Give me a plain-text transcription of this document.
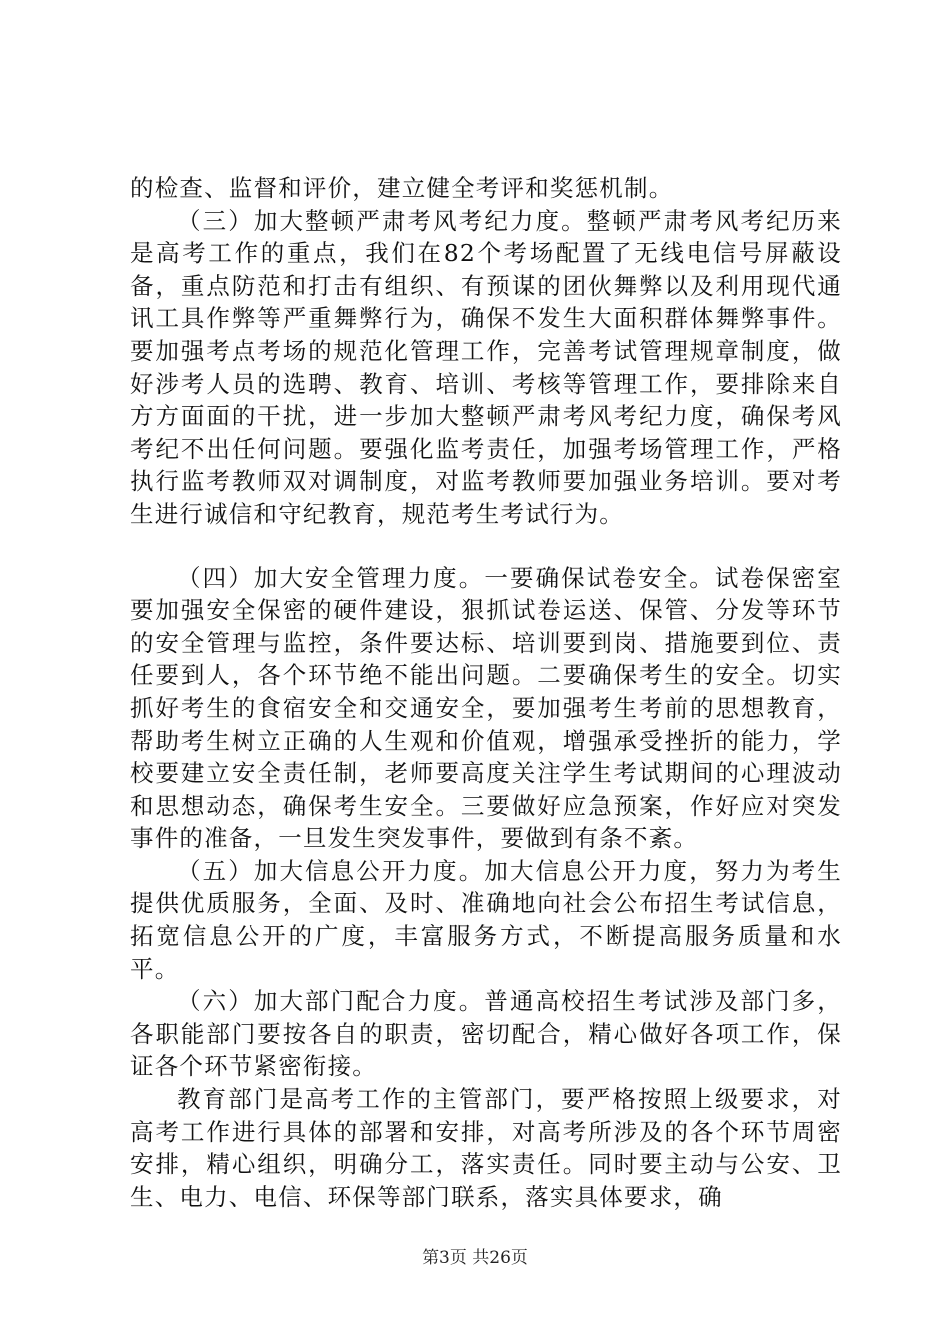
的检查、监督和评价，建立健全考评和奖惩机制。

（三）加大整顿严肃考风考纪力度。整顿严肃考风考纪历来是高考工作的重点，我们在82个考场配置了无线电信号屏蔽设备，重点防范和打击有组织、有预谋的团伙舞弊以及利用现代通讯工具作弊等严重舞弊行为，确保不发生大面积群体舞弊事件。要加强考点考场的规范化管理工作，完善考试管理规章制度，做好涉考人员的选聘、教育、培训、考核等管理工作，要排除来自方方面面的干扰，进一步加大整顿严肃考风考纪力度，确保考风考纪不出任何问题。要强化监考责任，加强考场管理工作，严格执行监考教师双对调制度，对监考教师要加强业务培训。要对考生进行诚信和守纪教育，规范考生考试行为。

（四）加大安全管理力度。一要确保试卷安全。试卷保密室要加强安全保密的硬件建设，狠抓试卷运送、保管、分发等环节的安全管理与监控，条件要达标、培训要到岗、措施要到位、责任要到人，各个环节绝不能出问题。二要确保考生的安全。切实抓好考生的食宿安全和交通安全，要加强考生考前的思想教育，帮助考生树立正确的人生观和价值观，增强承受挫折的能力，学校要建立安全责任制，老师要高度关注学生考试期间的心理波动和思想动态，确保考生安全。三要做好应急预案，作好应对突发事件的准备，一旦发生突发事件，要做到有条不紊。

（五）加大信息公开力度。加大信息公开力度，努力为考生提供优质服务，全面、及时、准确地向社会公布招生考试信息，拓宽信息公开的广度，丰富服务方式，不断提高服务质量和水平。

（六）加大部门配合力度。普通高校招生考试涉及部门多，各职能部门要按各自的职责，密切配合，精心做好各项工作，保证各个环节紧密衔接。

教育部门是高考工作的主管部门，要严格按照上级要求，对高考工作进行具体的部署和安排，对高考所涉及的各个环节周密安排，精心组织，明确分工，落实责任。同时要主动与公安、卫生、电力、电信、环保等部门联系，落实具体要求，确

第3页 共26页
